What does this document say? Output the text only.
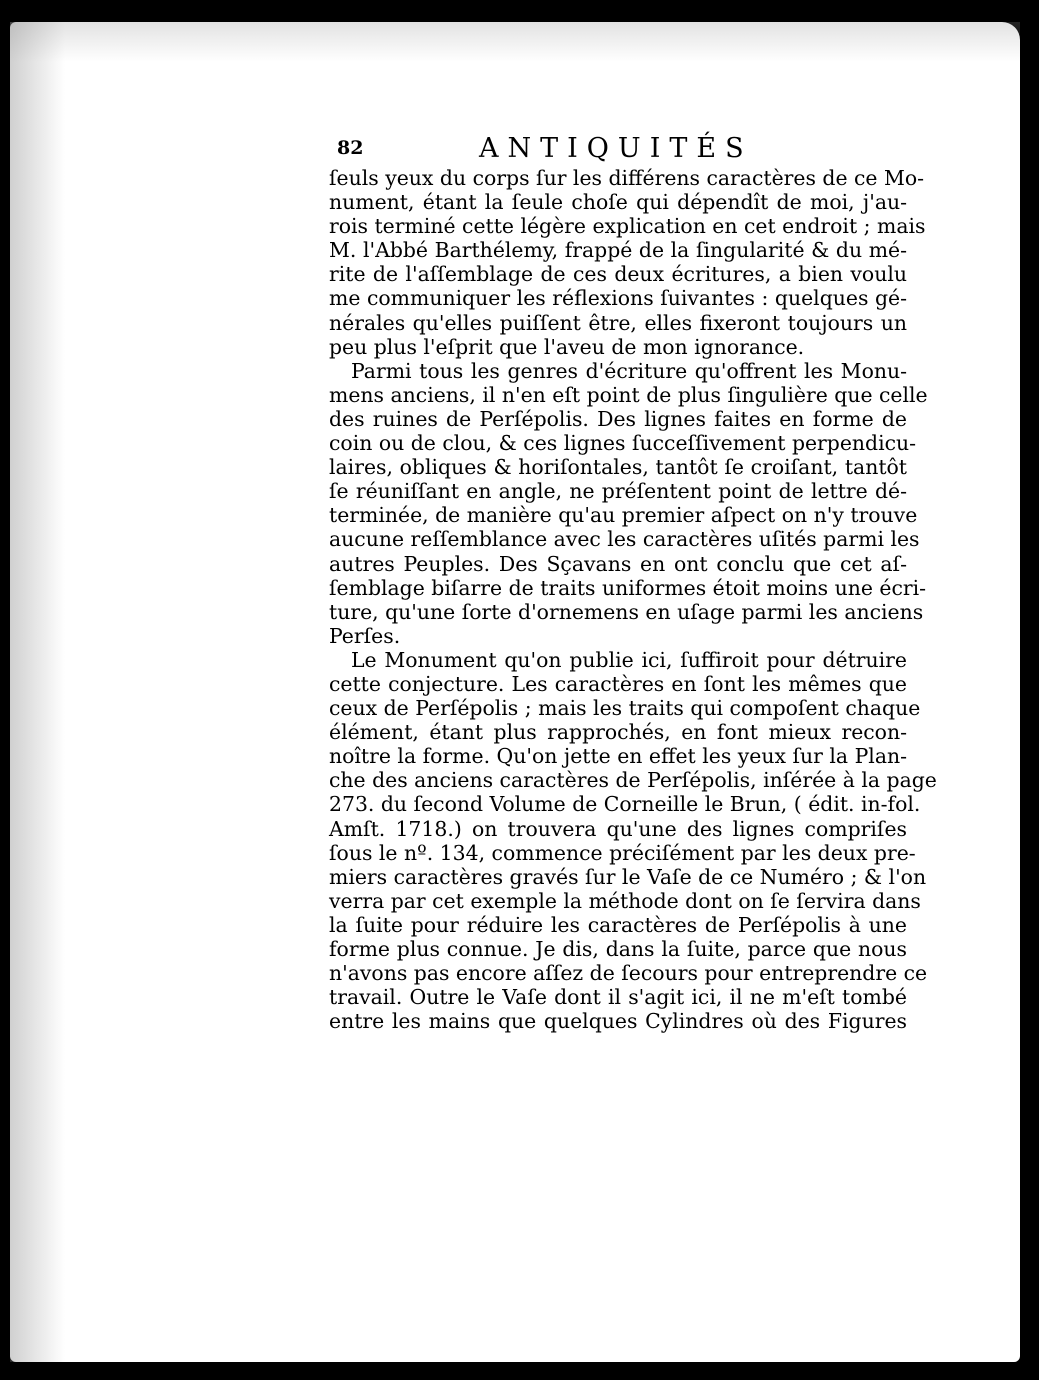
82	ANTIQUITÉS
ſeuls yeux du corps ſur les différens caractères de ce Mo-
nument, étant la ſeule choſe qui dépendît de moi, j'au-
rois terminé cette légère explication en cet endroit ; mais
M. l'Abbé Barthélemy, frappé de la ſingularité & du mé-
rite de l'aſſemblage de ces deux écritures, a bien voulu
me communiquer les réflexions ſuivantes : quelques gé-
nérales qu'elles puiſſent être, elles fixeront toujours un
peu plus l'eſprit que l'aveu de mon ignorance.
Parmi tous les genres d'écriture qu'offrent les Monu-
mens anciens, il n'en eſt point de plus ſingulière que celle
des ruines de Perſépolis. Des lignes faites en forme de
coin ou de clou, & ces lignes ſucceſſivement perpendicu-
laires, obliques & horiſontales, tantôt ſe croiſant, tantôt
ſe réuniſſant en angle, ne préſentent point de lettre dé-
terminée, de manière qu'au premier aſpect on n'y trouve
aucune reſſemblance avec les caractères uſités parmi les
autres Peuples. Des Sçavans en ont conclu que cet aſ-
ſemblage biſarre de traits uniformes étoit moins une écri-
ture, qu'une ſorte d'ornemens en uſage parmi les anciens
Perſes.
Le Monument qu'on publie ici, ſuffiroit pour détruire
cette conjecture. Les caractères en ſont les mêmes que
ceux de Perſépolis ; mais les traits qui compoſent chaque
élément, étant plus rapprochés, en font mieux recon-
noître la forme. Qu'on jette en effet les yeux ſur la Plan-
che des anciens caractères de Perſépolis, inſérée à la page
273. du ſecond Volume de Corneille le Brun, ( édit. in-fol.
Amſt. 1718.) on trouvera qu'une des lignes compriſes
ſous le nº. 134, commence préciſément par les deux pre-
miers caractères gravés ſur le Vaſe de ce Numéro ; & l'on
verra par cet exemple la méthode dont on ſe ſervira dans
la ſuite pour réduire les caractères de Perſépolis à une
forme plus connue. Je dis, dans la ſuite, parce que nous
n'avons pas encore aſſez de ſecours pour entreprendre ce
travail. Outre le Vaſe dont il s'agit ici, il ne m'eſt tombé
entre les mains que quelques Cylindres où des Figures
